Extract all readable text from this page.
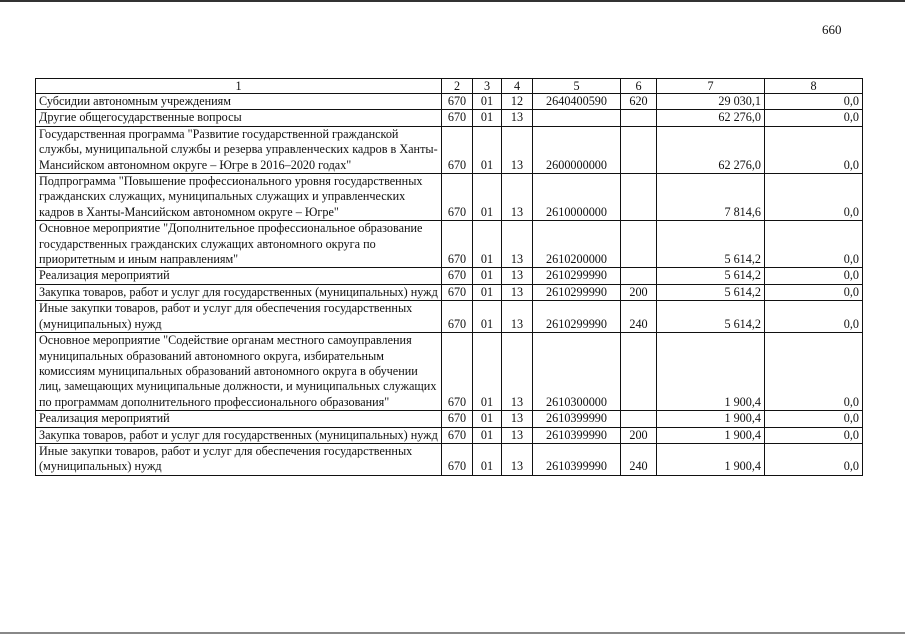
660
1	2	3	4	5	6	7	8
Субсидии автономным учреждениям	670	01	12	2640400590	620	29 030,1	0,0
Другие общегосударственные вопросы	670	01	13			62 276,0	0,0
Государственная программа "Развитие государственной гражданской службы, муниципальной службы и резерва управленческих кадров в Ханты-Мансийском автономном округе – Югре в 2016–2020 годах"	670	01	13	2600000000		62 276,0	0,0
Подпрограмма "Повышение профессионального уровня государственных гражданских служащих, муниципальных служащих и управленческих кадров в Ханты-Мансийском автономном округе – Югре"	670	01	13	2610000000		7 814,6	0,0
Основное мероприятие "Дополнительное профессиональное образование государственных гражданских служащих автономного округа по приоритетным и иным направлениям"	670	01	13	2610200000		5 614,2	0,0
Реализация мероприятий	670	01	13	2610299990		5 614,2	0,0
Закупка товаров, работ и услуг для государственных (муниципальных) нужд	670	01	13	2610299990	200	5 614,2	0,0
Иные закупки товаров, работ и услуг для обеспечения государственных (муниципальных) нужд	670	01	13	2610299990	240	5 614,2	0,0
Основное мероприятие "Содействие органам местного самоуправления муниципальных образований автономного округа, избирательным комиссиям муниципальных образований автономного округа в обучении лиц, замещающих муниципальные должности, и муниципальных служащих по программам дополнительного профессионального образования"	670	01	13	2610300000		1 900,4	0,0
Реализация мероприятий	670	01	13	2610399990		1 900,4	0,0
Закупка товаров, работ и услуг для государственных (муниципальных) нужд	670	01	13	2610399990	200	1 900,4	0,0
Иные закупки товаров, работ и услуг для обеспечения государственных (муниципальных) нужд	670	01	13	2610399990	240	1 900,4	0,0
